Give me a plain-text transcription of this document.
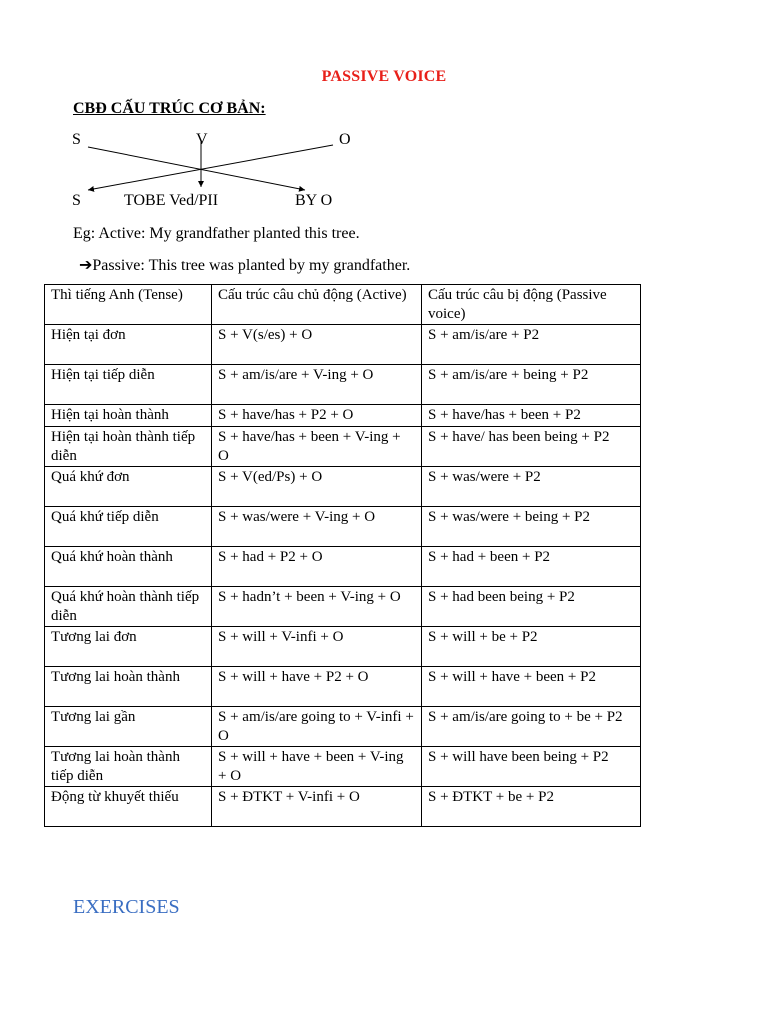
PASSIVE VOICE
CBĐ CẤU TRÚC CƠ BẢN:
S	V	O
S	TOBE Ved/PII	BY O
Eg: Active: My grandfather planted this tree.
➔Passive: This tree was planted by my grandfather.
Thì tiếng Anh (Tense)	Cấu trúc câu chủ động (Active)	Cấu trúc câu bị động (Passive voice)
Hiện tại đơn	S + V(s/es) + O	S + am/is/are + P2
Hiện tại tiếp diễn	S + am/is/are + V-ing + O	S + am/is/are + being + P2
Hiện tại hoàn thành	S + have/has + P2 + O	S + have/has + been + P2
Hiện tại hoàn thành tiếp diễn	S + have/has + been + V-ing + O	S + have/ has been being + P2
Quá khứ đơn	S + V(ed/Ps) + O	S + was/were + P2
Quá khứ tiếp diễn	S + was/were + V-ing + O	S + was/were + being + P2
Quá khứ hoàn thành	S + had + P2 + O	S + had + been + P2
Quá khứ hoàn thành tiếp diễn	S + hadn’t + been + V-ing + O	S + had been being + P2
Tương lai đơn	S + will + V-infi + O	S + will + be + P2
Tương lai hoàn thành	S + will + have + P2 + O	S + will + have + been + P2
Tương lai gần	S + am/is/are going to + V-infi + O	S + am/is/are going to + be + P2
Tương lai hoàn thành tiếp diễn	S + will + have + been + V-ing + O	S + will have been being + P2
Động từ khuyết thiếu	S + ĐTKT + V-infi + O	S + ĐTKT + be + P2
EXERCISES
